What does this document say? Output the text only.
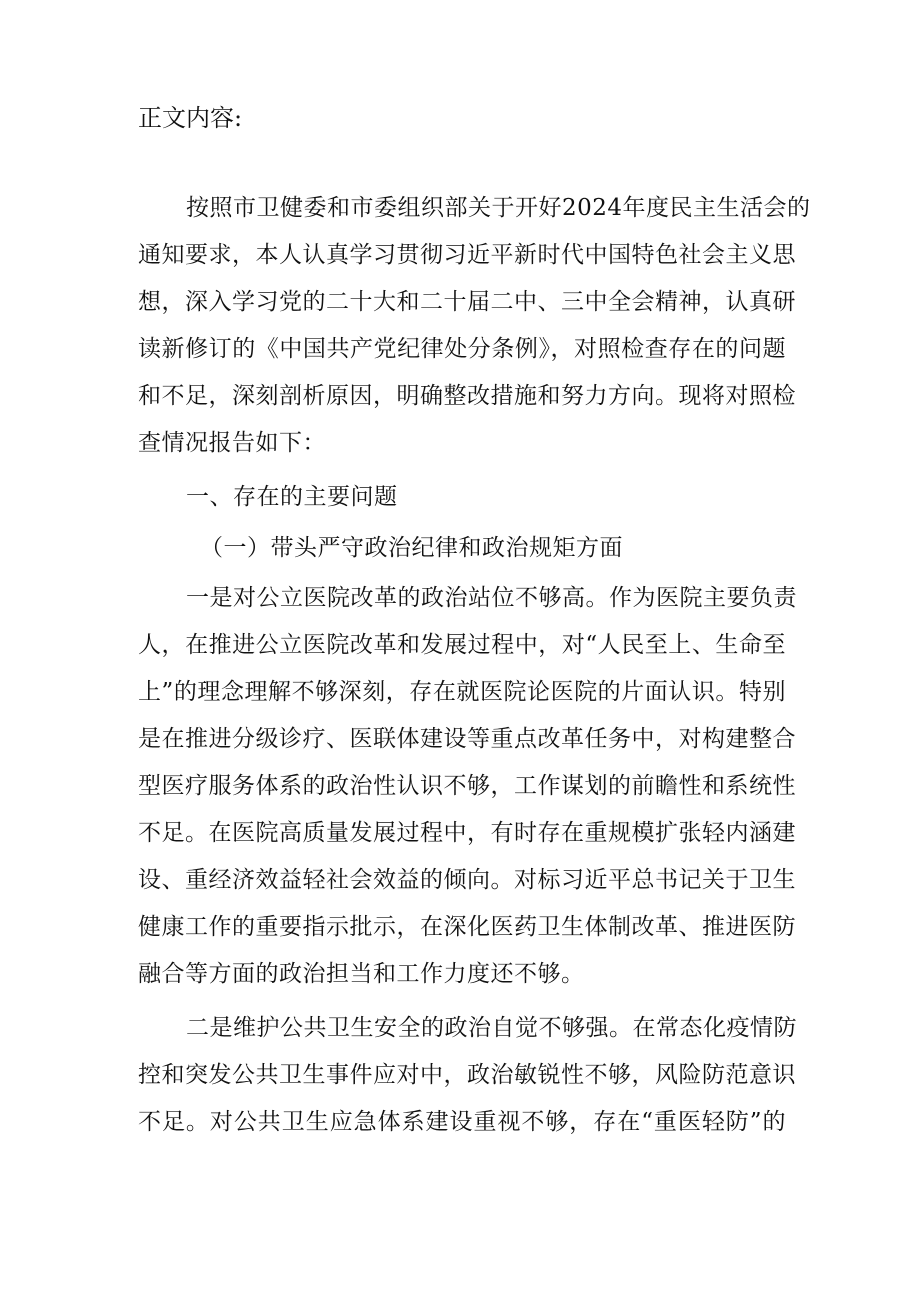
正文内容:
按照市卫健委和市委组织部关于开好2024年度民主生活会的
通知要求，本人认真学习贯彻习近平新时代中国特色社会主义思
想，深入学习党的二十大和二十届二中、三中全会精神，认真研
读新修订的《中国共产党纪律处分条例》，对照检查存在的问题
和不足，深刻剖析原因，明确整改措施和努力方向。现将对照检
查情况报告如下：
一、存在的主要问题
（一）带头严守政治纪律和政治规矩方面
一是对公立医院改革的政治站位不够高。作为医院主要负责
人，在推进公立医院改革和发展过程中，对“人民至上、生命至
上”的理念理解不够深刻，存在就医院论医院的片面认识。特别
是在推进分级诊疗、医联体建设等重点改革任务中，对构建整合
型医疗服务体系的政治性认识不够，工作谋划的前瞻性和系统性
不足。在医院高质量发展过程中，有时存在重规模扩张轻内涵建
设、重经济效益轻社会效益的倾向。对标习近平总书记关于卫生
健康工作的重要指示批示，在深化医药卫生体制改革、推进医防
融合等方面的政治担当和工作力度还不够。
二是维护公共卫生安全的政治自觉不够强。在常态化疫情防
控和突发公共卫生事件应对中，政治敏锐性不够，风险防范意识
不足。对公共卫生应急体系建设重视不够，存在“重医轻防”的
